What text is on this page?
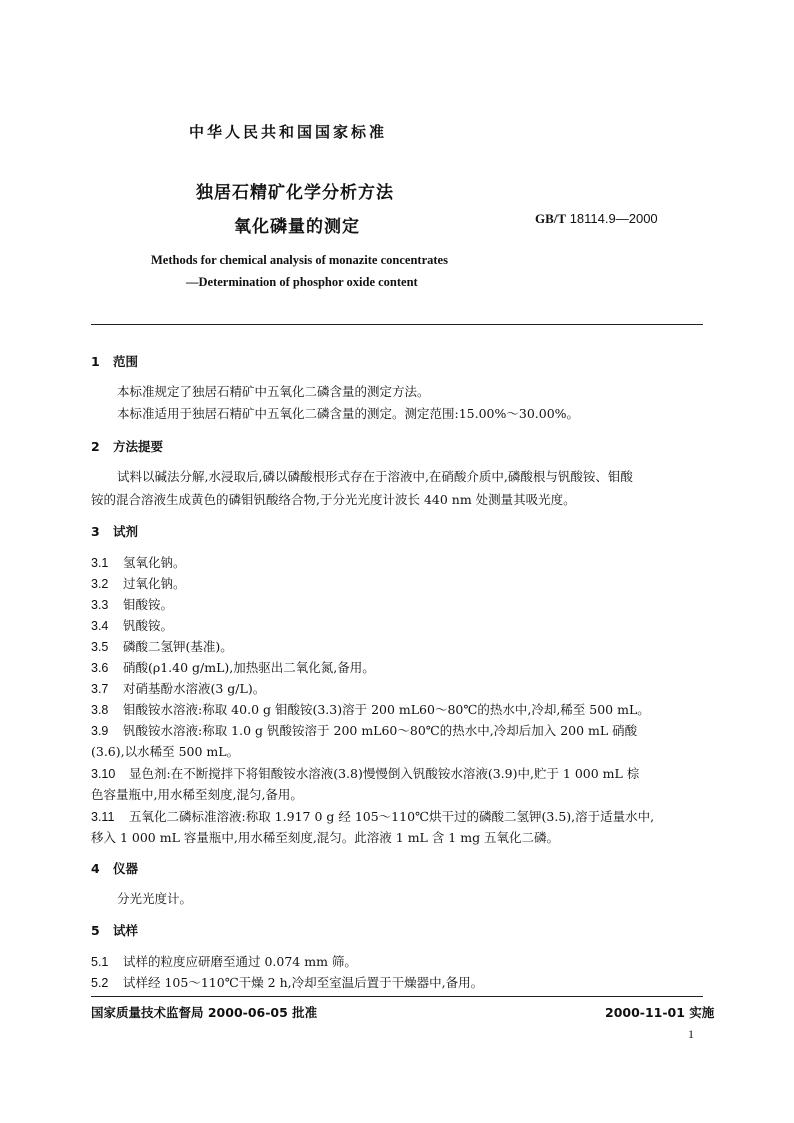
中华人民共和国国家标准
独居石精矿化学分析方法
氧化磷量的测定	GB/T 18114.9—2000
Methods for chemical analysis of monazite concentrates
—Determination of phosphor oxide content
1 范围
本标准规定了独居石精矿中五氧化二磷含量的测定方法。
本标准适用于独居石精矿中五氧化二磷含量的测定。测定范围:15.00%～30.00%。
2 方法提要
试料以碱法分解,水浸取后,磷以磷酸根形式存在于溶液中,在硝酸介质中,磷酸根与钒酸铵、钼酸
铵的混合溶液生成黄色的磷钼钒酸络合物,于分光光度计波长 440 nm 处测量其吸光度。
3 试剂
3.1 氢氧化钠。
3.2 过氧化钠。
3.3 钼酸铵。
3.4 钒酸铵。
3.5 磷酸二氢钾(基准)。
3.6 硝酸(ρ1.40 g/mL),加热驱出二氧化氮,备用。
3.7 对硝基酚水溶液(3 g/L)。
3.8 钼酸铵水溶液:称取 40.0 g 钼酸铵(3.3)溶于 200 mL60～80℃的热水中,冷却,稀至 500 mL。
3.9 钒酸铵水溶液:称取 1.0 g 钒酸铵溶于 200 mL60～80℃的热水中,冷却后加入 200 mL 硝酸
(3.6),以水稀至 500 mL。
3.10 显色剂:在不断搅拌下将钼酸铵水溶液(3.8)慢慢倒入钒酸铵水溶液(3.9)中,贮于 1 000 mL 棕
色容量瓶中,用水稀至刻度,混匀,备用。
3.11 五氧化二磷标准溶液:称取 1.917 0 g 经 105～110℃烘干过的磷酸二氢钾(3.5),溶于适量水中,
移入 1 000 mL 容量瓶中,用水稀至刻度,混匀。此溶液 1 mL 含 1 mg 五氧化二磷。
4 仪器
分光光度计。
5 试样
5.1 试样的粒度应研磨至通过 0.074 mm 筛。
5.2 试样经 105～110℃干燥 2 h,冷却至室温后置于干燥器中,备用。
国家质量技术监督局 2000-06-05 批准	2000-11-01 实施
1
